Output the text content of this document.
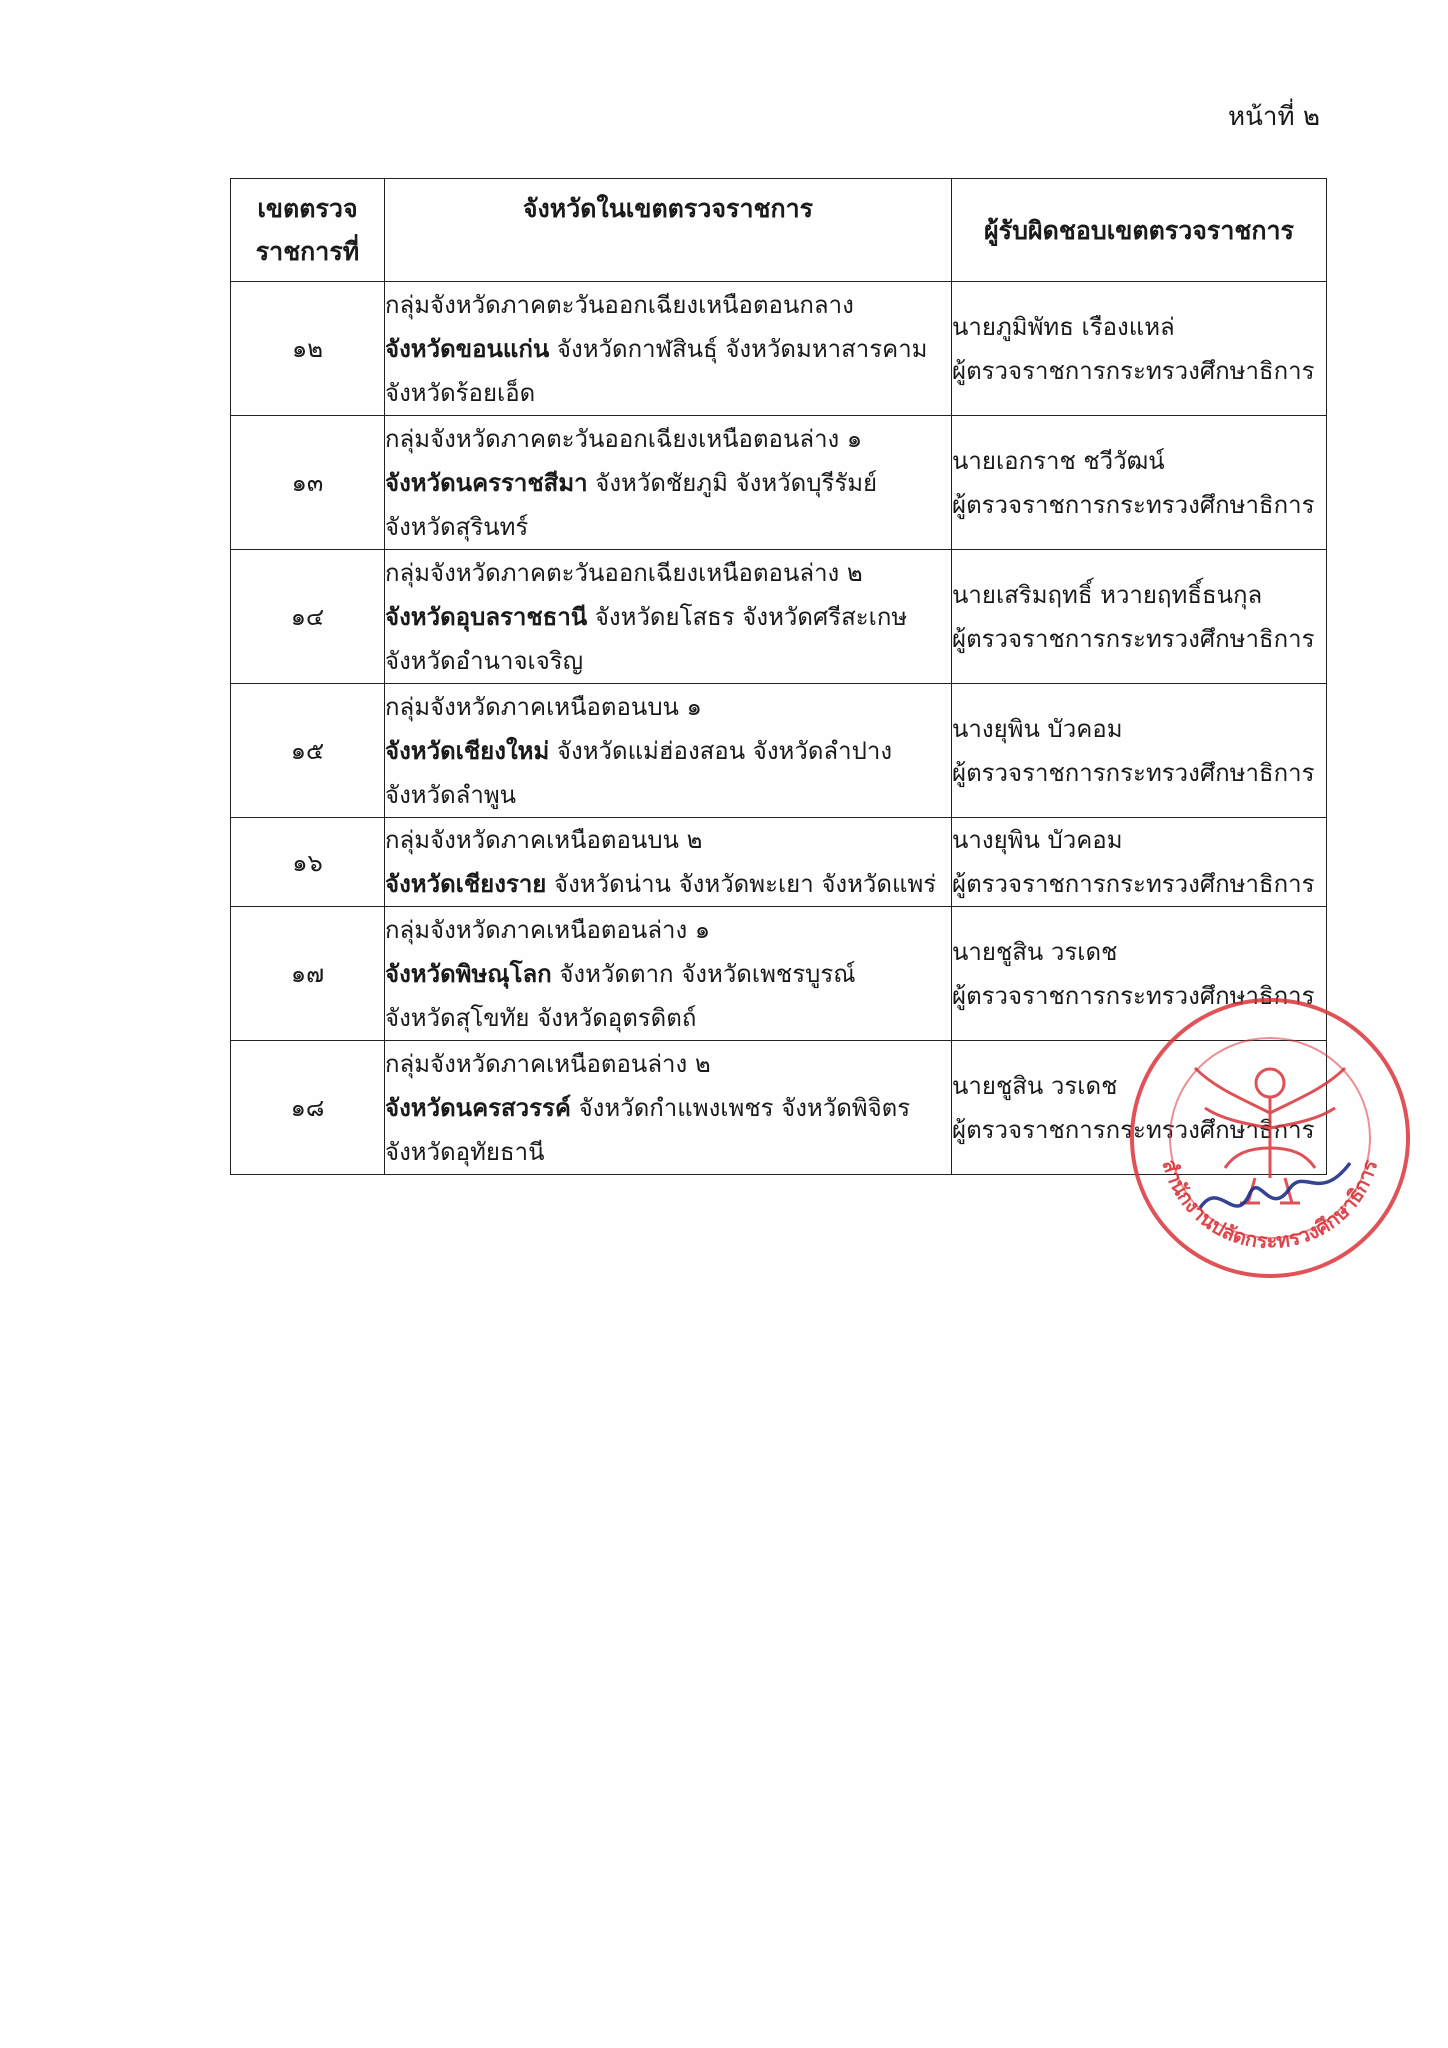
หน้าที่ ๒
เขตตรวจ
ราชการที่	จังหวัดในเขตตรวจราชการ	ผู้รับผิดชอบเขตตรวจราชการ

๑๒	กลุ่มจังหวัดภาคตะวันออกเฉียงเหนือตอนกลาง
จังหวัดขอนแก่น จังหวัดกาฬสินธุ์ จังหวัดมหาสารคาม
จังหวัดร้อยเอ็ด	นายภูมิพัทธ เรืองแหล่
ผู้ตรวจราชการกระทรวงศึกษาธิการ

๑๓	กลุ่มจังหวัดภาคตะวันออกเฉียงเหนือตอนล่าง ๑
จังหวัดนครราชสีมา จังหวัดชัยภูมิ จังหวัดบุรีรัมย์
จังหวัดสุรินทร์	นายเอกราช ชวีวัฒน์
ผู้ตรวจราชการกระทรวงศึกษาธิการ

๑๔	กลุ่มจังหวัดภาคตะวันออกเฉียงเหนือตอนล่าง ๒
จังหวัดอุบลราชธานี จังหวัดยโสธร จังหวัดศรีสะเกษ
จังหวัดอำนาจเจริญ	นายเสริมฤทธิ์ หวายฤทธิ์ธนกุล
ผู้ตรวจราชการกระทรวงศึกษาธิการ

๑๕	กลุ่มจังหวัดภาคเหนือตอนบน ๑
จังหวัดเชียงใหม่ จังหวัดแม่ฮ่องสอน จังหวัดลำปาง
จังหวัดลำพูน	นางยุพิน บัวคอม
ผู้ตรวจราชการกระทรวงศึกษาธิการ

๑๖	กลุ่มจังหวัดภาคเหนือตอนบน ๒
จังหวัดเชียงราย จังหวัดน่าน จังหวัดพะเยา จังหวัดแพร่	นางยุพิน บัวคอม
ผู้ตรวจราชการกระทรวงศึกษาธิการ

๑๗	กลุ่มจังหวัดภาคเหนือตอนล่าง ๑
จังหวัดพิษณุโลก จังหวัดตาก จังหวัดเพชรบูรณ์
จังหวัดสุโขทัย จังหวัดอุตรดิตถ์	นายชูสิน วรเดช
ผู้ตรวจราชการกระทรวงศึกษาธิการ

๑๘	กลุ่มจังหวัดภาคเหนือตอนล่าง ๒
จังหวัดนครสวรรค์ จังหวัดกำแพงเพชร จังหวัดพิจิตร
จังหวัดอุทัยธานี	นายชูสิน วรเดช
ผู้ตรวจราชการกระทรวงศึกษาธิการ
สำนักงานปลัดกระทรวงศึกษาธิการ
